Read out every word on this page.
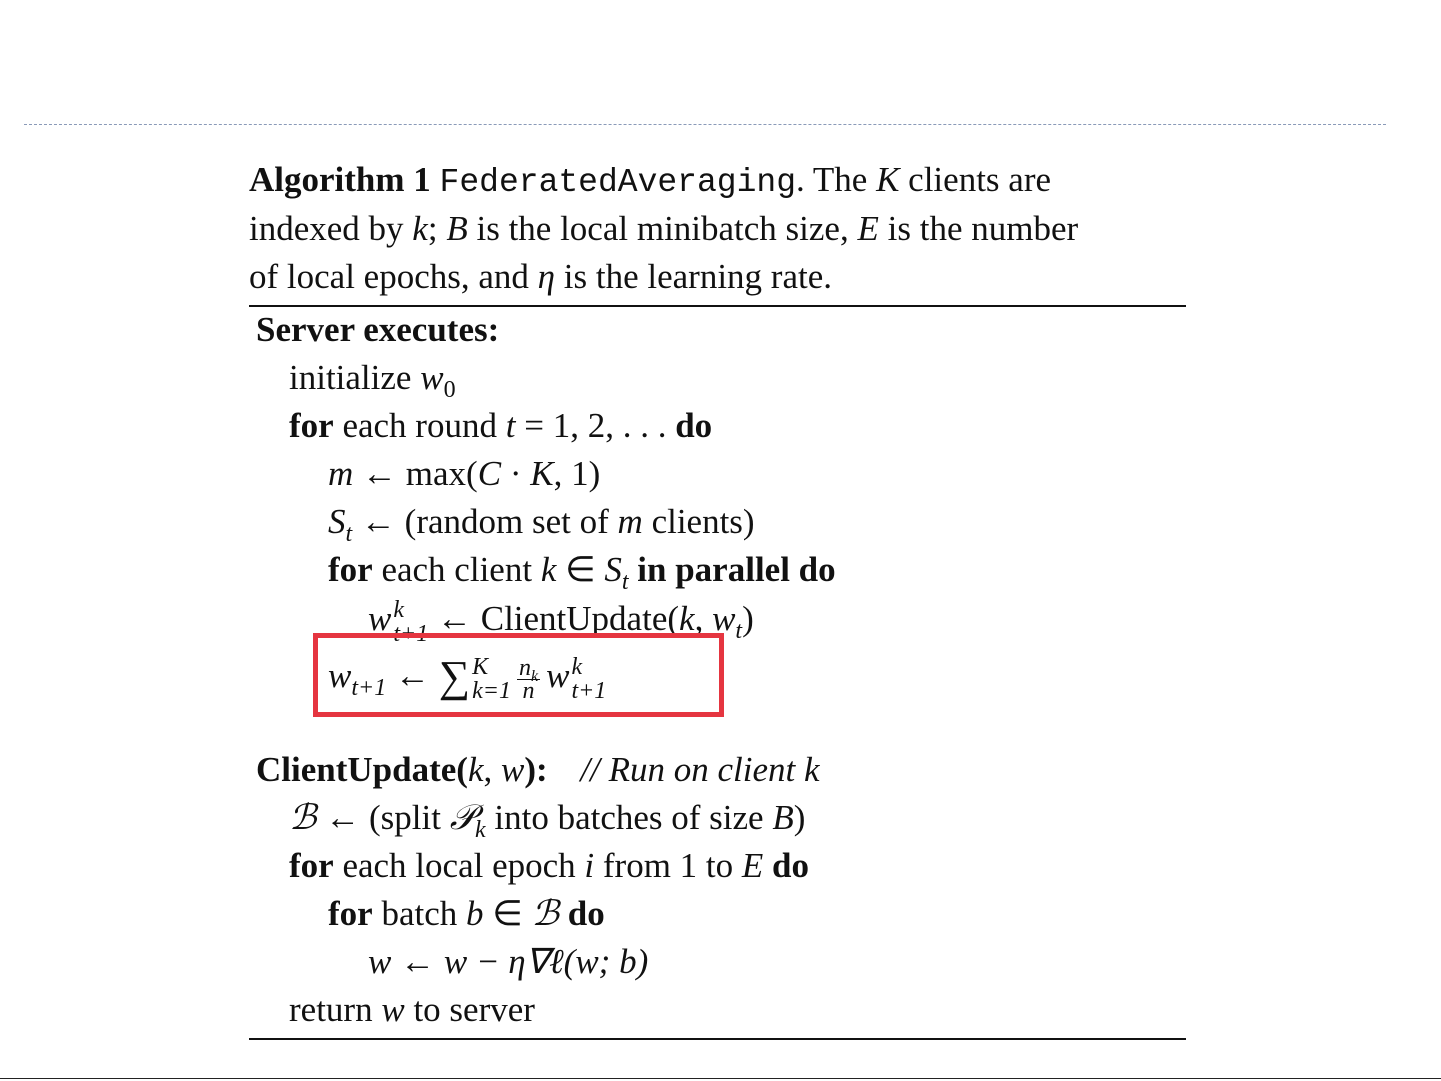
Algorithm 1 FederatedAveraging. The K clients are
indexed by k; B is the local minibatch size, E is the number
of local epochs, and η is the learning rate.
Server executes:
initialize $w_0$
for each round t = 1, 2, . . . do
m ← max(C · K, 1)
$S_t$ ← (random set of m clients)
for each client k ∈ $S_t$ in parallel do
w k
t+1 ← ClientUpdate(k, $w_t$)
$w_{t+1}$ ← ∑ K
$k=1 \frac{n_k}{n}$ w k
t+1
ClientUpdate(k, w): // Run on client k
ℬ ← (split 𝒫$_k$ into batches of size B)
for each local epoch i from 1 to E do
for batch b ∈ ℬ do
w ← w − η∇ℓ(w; b)
return w to server
